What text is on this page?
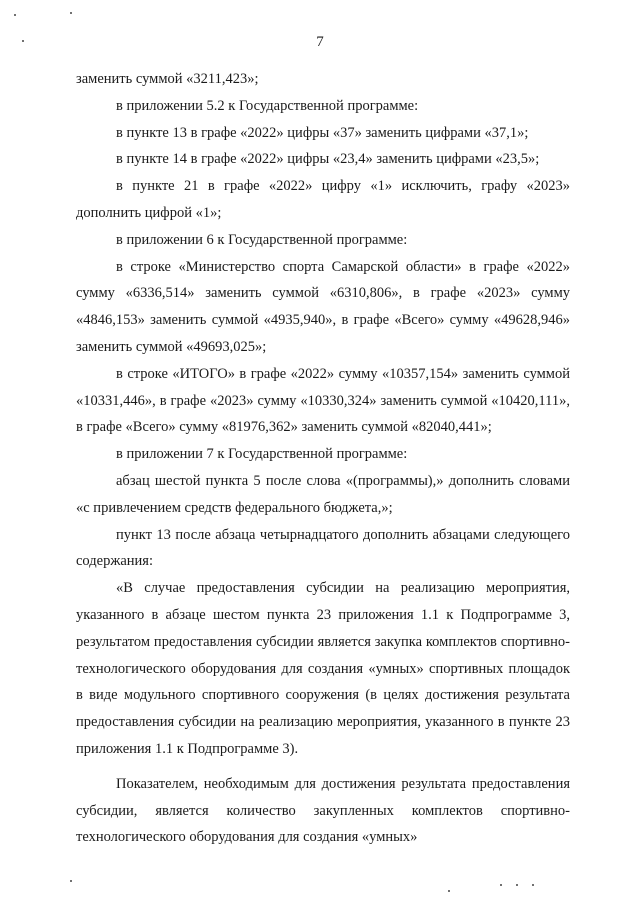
7

заменить суммой «3211,423»;

в приложении 5.2 к Государственной программе:

в пункте 13 в графе «2022» цифры «37» заменить цифрами «37,1»;

в пункте 14 в графе «2022» цифры «23,4» заменить цифрами «23,5»;

в пункте 21 в графе «2022» цифру «1» исключить, графу «2023» дополнить цифрой «1»;

в приложении 6 к Государственной программе:

в строке «Министерство спорта Самарской области» в графе «2022» сумму «6336,514» заменить суммой «6310,806», в графе «2023» сумму «4846,153» заменить суммой «4935,940», в графе «Всего» сумму «49628,946» заменить суммой «49693,025»;

в строке «ИТОГО» в графе «2022» сумму «10357,154» заменить суммой «10331,446», в графе «2023» сумму «10330,324» заменить суммой «10420,111», в графе «Всего» сумму «81976,362» заменить суммой «82040,441»;

в приложении 7 к Государственной программе:

абзац шестой пункта 5 после слова «(программы),» дополнить словами «с привлечением средств федерального бюджета,»;

пункт 13 после абзаца четырнадцатого дополнить абзацами следующего содержания:

«В случае предоставления субсидии на реализацию мероприятия, указанного в абзаце шестом пункта 23 приложения 1.1 к Подпрограмме 3, результатом предоставления субсидии является закупка комплектов спортивно-технологического оборудования для создания «умных» спортивных площадок в виде модульного спортивного сооружения (в целях достижения результата предоставления субсидии на реализацию мероприятия, указанного в пункте 23 приложения 1.1 к Подпрограмме 3).

Показателем, необходимым для достижения результата предоставления субсидии, является количество закупленных комплектов спортивно-технологического оборудования для создания «умных»
